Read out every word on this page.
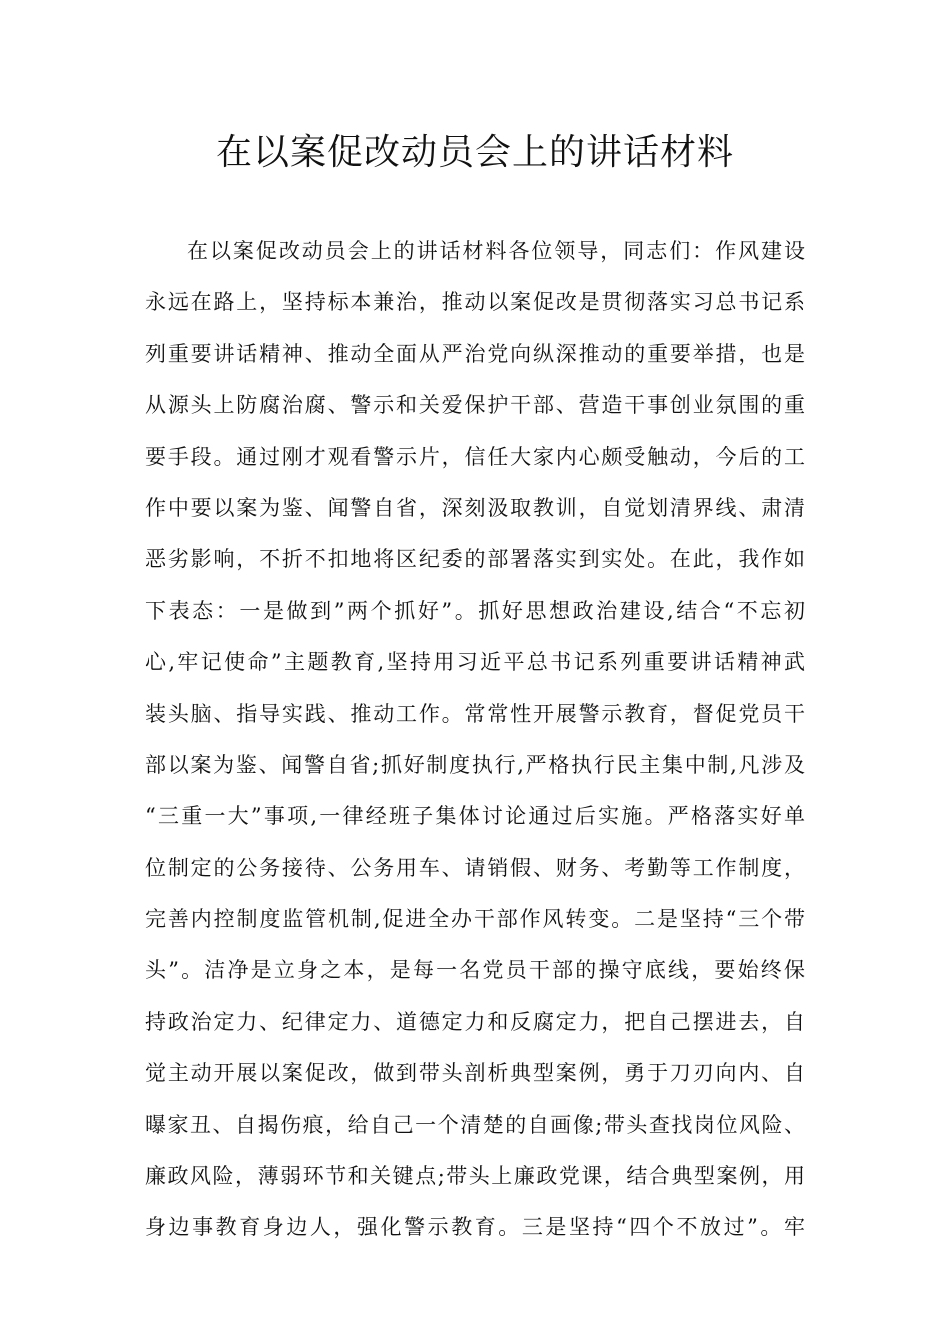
在以案促改动员会上的讲话材料
在以案促改动员会上的讲话材料各位领导，同志们：作风建设
永远在路上，坚持标本兼治，推动以案促改是贯彻落实习总书记系
列重要讲话精神、推动全面从严治党向纵深推动的重要举措，也是
从源头上防腐治腐、警示和关爱保护干部、营造干事创业氛围的重
要手段。通过刚才观看警示片，信任大家内心颇受触动，今后的工
作中要以案为鉴、闻警自省，深刻汲取教训，自觉划清界线、肃清
恶劣影响，不折不扣地将区纪委的部署落实到实处。在此，我作如
下表态：一是做到”两个抓好”。抓好思想政治建设,结合“不忘初
心,牢记使命”主题教育,坚持用习近平总书记系列重要讲话精神武
装头脑、指导实践、推动工作。常常性开展警示教育，督促党员干
部以案为鉴、闻警自省;抓好制度执行,严格执行民主集中制,凡涉及
“三重一大”事项,一律经班子集体讨论通过后实施。严格落实好单
位制定的公务接待、公务用车、请销假、财务、考勤等工作制度，
完善内控制度监管机制,促进全办干部作风转变。二是坚持“三个带
头”。洁净是立身之本，是每一名党员干部的操守底线，要始终保
持政治定力、纪律定力、道德定力和反腐定力，把自己摆进去，自
觉主动开展以案促改，做到带头剖析典型案例，勇于刀刃向内、自
曝家丑、自揭伤痕，给自己一个清楚的自画像;带头查找岗位风险、
廉政风险，薄弱环节和关键点;带头上廉政党课，结合典型案例，用
身边事教育身边人，强化警示教育。三是坚持“四个不放过”。牢
